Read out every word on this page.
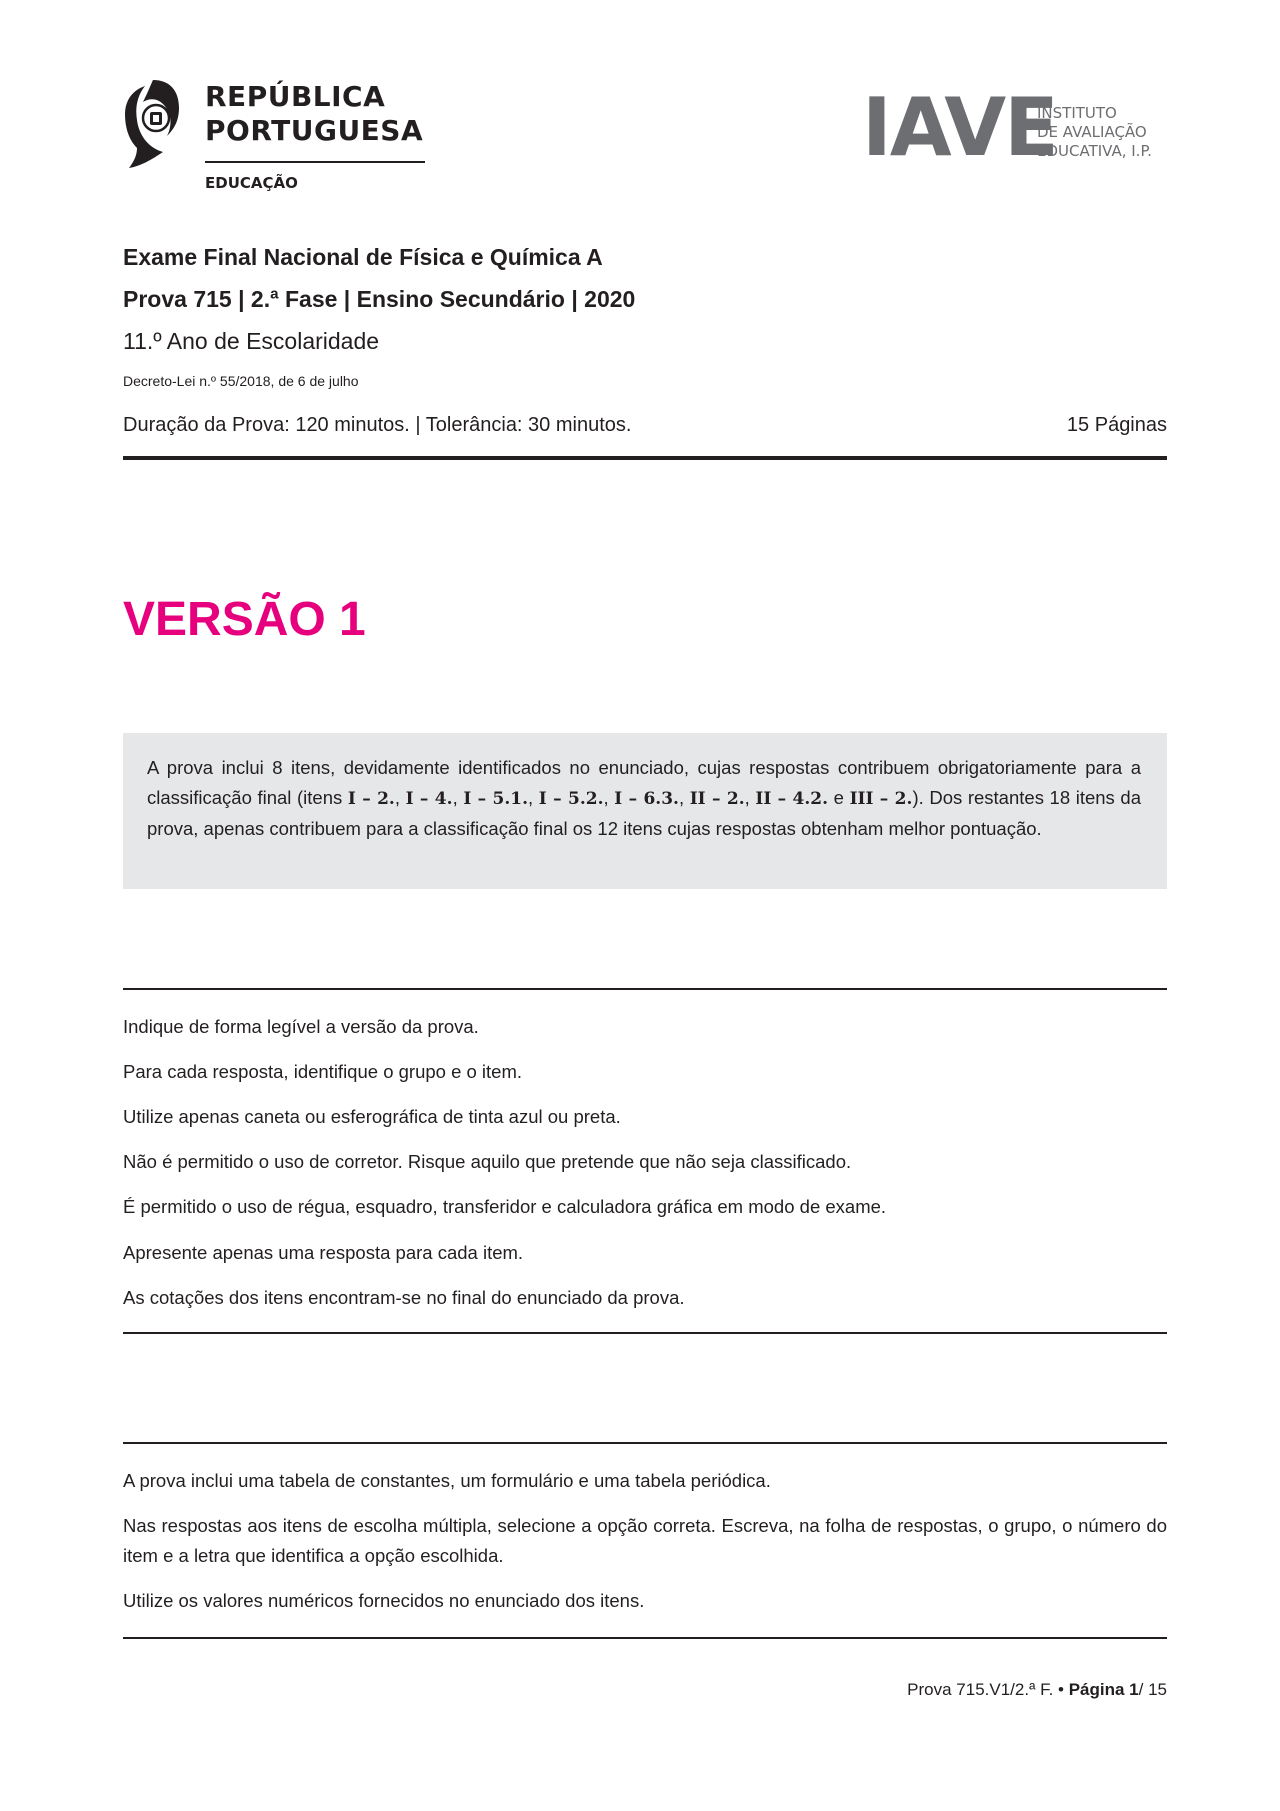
REPÚBLICA
PORTUGUESA
EDUCAÇÃO
IAVE
INSTITUTO
DE AVALIAÇÃO
EDUCATIVA, I.P.
Exame Final Nacional de Física e Química A
Prova 715 | 2.ª Fase | Ensino Secundário | 2020
11.º Ano de Escolaridade
Decreto-Lei n.º 55/2018, de 6 de julho
Duração da Prova: 120 minutos. | Tolerância: 30 minutos.	15 Páginas
VERSÃO 1
A prova inclui 8 itens, devidamente identificados no enunciado, cujas respostas contribuem obrigatoriamente para a classificação final (itens I – 2., I – 4., I – 5.1., I – 5.2., I – 6.3., II – 2., II – 4.2. e III – 2.). Dos restantes 18 itens da prova, apenas contribuem para a classificação final os 12 itens cujas respostas obtenham melhor pontuação.
Indique de forma legível a versão da prova.
Para cada resposta, identifique o grupo e o item.
Utilize apenas caneta ou esferográfica de tinta azul ou preta.
Não é permitido o uso de corretor. Risque aquilo que pretende que não seja classificado.
É permitido o uso de régua, esquadro, transferidor e calculadora gráfica em modo de exame.
Apresente apenas uma resposta para cada item.
As cotações dos itens encontram-se no final do enunciado da prova.
A prova inclui uma tabela de constantes, um formulário e uma tabela periódica.
Nas respostas aos itens de escolha múltipla, selecione a opção correta. Escreva, na folha de respostas, o grupo, o número do item e a letra que identifica a opção escolhida.
Utilize os valores numéricos fornecidos no enunciado dos itens.
Prova 715.V1/2.ª F. • Página 1/ 15
